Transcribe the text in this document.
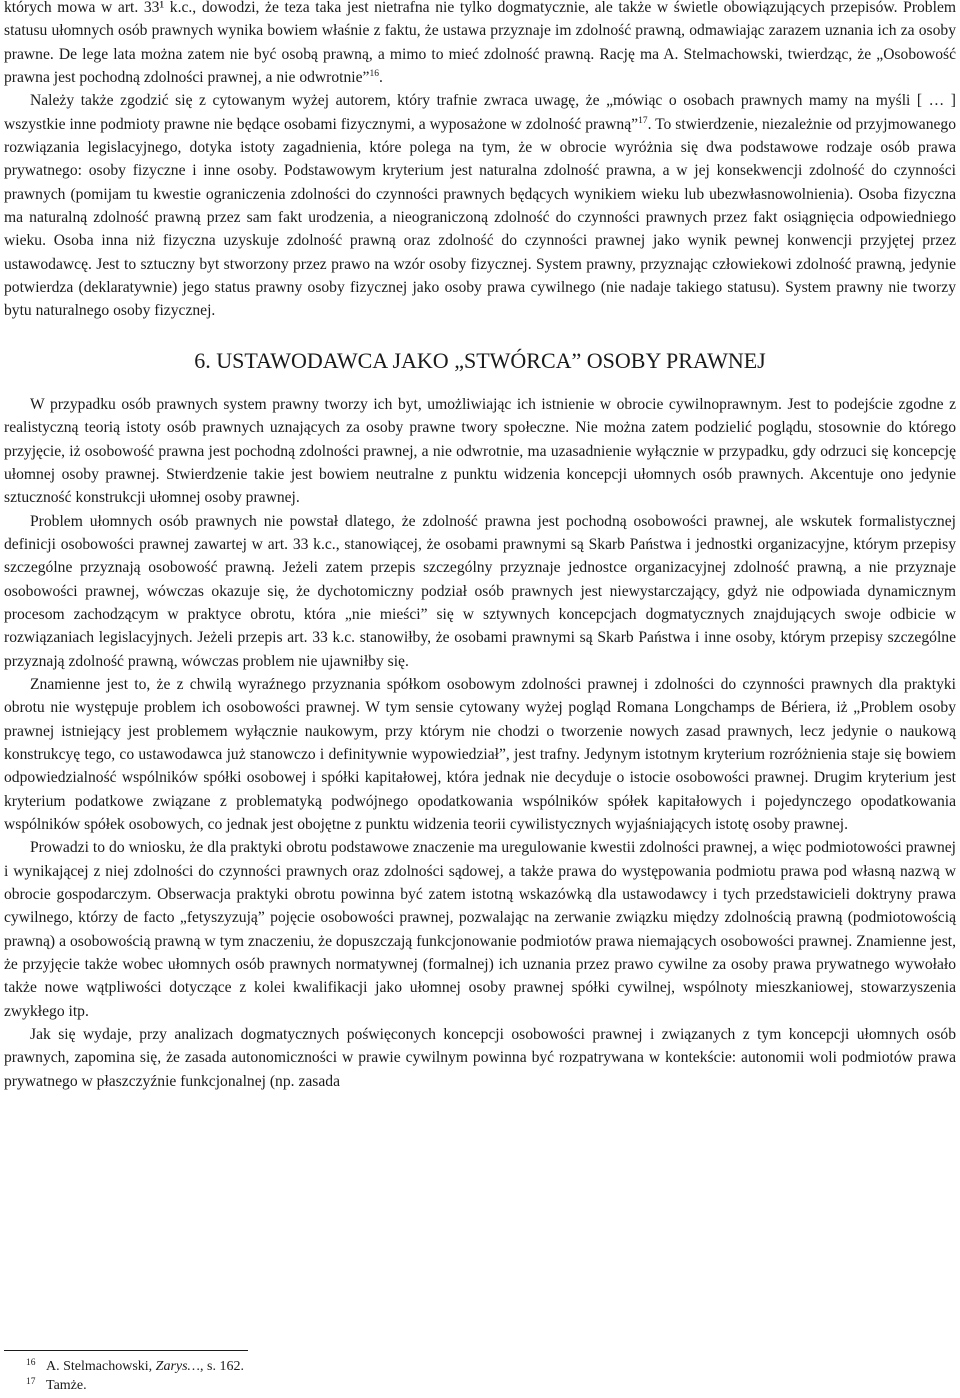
których mowa w art. 33¹ k.c., dowodzi, że teza taka jest nietrafna nie tylko dogmatycznie, ale także w świetle obowiązujących przepisów. Problem statusu ułomnych osób prawnych wynika bowiem właśnie z faktu, że ustawa przyznaje im zdolność prawną, odmawiając zarazem uznania ich za osoby prawne. De lege lata można zatem nie być osobą prawną, a mimo to mieć zdolność prawną. Rację ma A. Stelmachowski, twierdząc, że „Osobowość prawna jest pochodną zdolności prawnej, a nie odwrotnie”$^{16}$.

Należy także zgodzić się z cytowanym wyżej autorem, który trafnie zwraca uwagę, że „mówiąc o osobach prawnych mamy na myśli [ … ] wszystkie inne podmioty prawne nie będące osobami fizycznymi, a wyposażone w zdolność prawną”$^{17}$. To stwierdzenie, niezależnie od przyjmowanego rozwiązania legislacyjnego, dotyka istoty zagadnienia, które polega na tym, że w obrocie wyróżnia się dwa podstawowe rodzaje osób prawa prywatnego: osoby fizyczne i inne osoby. Podstawowym kryterium jest naturalna zdolność prawna, a w jej konsekwencji zdolność do czynności prawnych (pomijam tu kwestie ograniczenia zdolności do czynności prawnych będących wynikiem wieku lub ubezwłasnowolnienia). Osoba fizyczna ma naturalną zdolność prawną przez sam fakt urodzenia, a nieograniczoną zdolność do czynności prawnych przez fakt osiągnięcia odpowiedniego wieku. Osoba inna niż fizyczna uzyskuje zdolność prawną oraz zdolność do czynności prawnej jako wynik pewnej konwencji przyjętej przez ustawodawcę. Jest to sztuczny byt stworzony przez prawo na wzór osoby fizycznej. System prawny, przyznając człowiekowi zdolność prawną, jedynie potwierdza (deklaratywnie) jego status prawny osoby fizycznej jako osoby prawa cywilnego (nie nadaje takiego statusu). System prawny nie tworzy bytu naturalnego osoby fizycznej.

6. USTAWODAWCA JAKO „STWÓRCA” OSOBY PRAWNEJ

W przypadku osób prawnych system prawny tworzy ich byt, umożliwiając ich istnienie w obrocie cywilnoprawnym. Jest to podejście zgodne z realistyczną teorią istoty osób prawnych uznających za osoby prawne twory społeczne. Nie można zatem podzielić poglądu, stosownie do którego przyjęcie, iż osobowość prawna jest pochodną zdolności prawnej, a nie odwrotnie, ma uzasadnienie wyłącznie w przypadku, gdy odrzuci się koncepcję ułomnej osoby prawnej. Stwierdzenie takie jest bowiem neutralne z punktu widzenia koncepcji ułomnych osób prawnych. Akcentuje ono jedynie sztuczność konstrukcji ułomnej osoby prawnej.

Problem ułomnych osób prawnych nie powstał dlatego, że zdolność prawna jest pochodną osobowości prawnej, ale wskutek formalistycznej definicji osobowości prawnej zawartej w art. 33 k.c., stanowiącej, że osobami prawnymi są Skarb Państwa i jednostki organizacyjne, którym przepisy szczególne przyznają osobowość prawną. Jeżeli zatem przepis szczególny przyznaje jednostce organizacyjnej zdolność prawną, a nie przyznaje osobowości prawnej, wówczas okazuje się, że dychotomiczny podział osób prawnych jest niewystarczający, gdyż nie odpowiada dynamicznym procesom zachodzącym w praktyce obrotu, która „nie mieści” się w sztywnych koncepcjach dogmatycznych znajdujących swoje odbicie w rozwiązaniach legislacyjnych. Jeżeli przepis art. 33 k.c. stanowiłby, że osobami prawnymi są Skarb Państwa i inne osoby, którym przepisy szczególne przyznają zdolność prawną, wówczas problem nie ujawniłby się.

Znamienne jest to, że z chwilą wyraźnego przyznania spółkom osobowym zdolności prawnej i zdolności do czynności prawnych dla praktyki obrotu nie występuje problem ich osobowości prawnej. W tym sensie cytowany wyżej pogląd Romana Longchamps de Bériera, iż „Problem osoby prawnej istniejący jest problemem wyłącznie naukowym, przy którym nie chodzi o tworzenie nowych zasad prawnych, lecz jedynie o naukową konstrukcyę tego, co ustawodawca już stanowczo i definitywnie wypowiedział”, jest trafny. Jedynym istotnym kryterium rozróżnienia staje się bowiem odpowiedzialność wspólników spółki osobowej i spółki kapitałowej, która jednak nie decyduje o istocie osobowości prawnej. Drugim kryterium jest kryterium podatkowe związane z problematyką podwójnego opodatkowania wspólników spółek kapitałowych i pojedynczego opodatkowania wspólników spółek osobowych, co jednak jest obojętne z punktu widzenia teorii cywilistycznych wyjaśniających istotę osoby prawnej.

Prowadzi to do wniosku, że dla praktyki obrotu podstawowe znaczenie ma uregulowanie kwestii zdolności prawnej, a więc podmiotowości prawnej i wynikającej z niej zdolności do czynności prawnych oraz zdolności sądowej, a także prawa do występowania podmiotu prawa pod własną nazwą w obrocie gospodarczym. Obserwacja praktyki obrotu powinna być zatem istotną wskazówką dla ustawodawcy i tych przedstawicieli doktryny prawa cywilnego, którzy de facto „fetyszyzują” pojęcie osobowości prawnej, pozwalając na zerwanie związku między zdolnością prawną (podmiotowością prawną) a osobowością prawną w tym znaczeniu, że dopuszczają funkcjonowanie podmiotów prawa niemających osobowości prawnej. Znamienne jest, że przyjęcie także wobec ułomnych osób prawnych normatywnej (formalnej) ich uznania przez prawo cywilne za osoby prawa prywatnego wywołało także nowe wątpliwości dotyczące z kolei kwalifikacji jako ułomnej osoby prawnej spółki cywilnej, wspólnoty mieszkaniowej, stowarzyszenia zwykłego itp.

Jak się wydaje, przy analizach dogmatycznych poświęconych koncepcji osobowości prawnej i związanych z tym koncepcji ułomnych osób prawnych, zapomina się, że zasada autonomiczności w prawie cywilnym powinna być rozpatrywana w kontekście: autonomii woli podmiotów prawa prywatnego w płaszczyźnie funkcjonalnej (np. zasada

16 A. Stelmachowski, Zarys…, s. 162.
17 Tamże.
